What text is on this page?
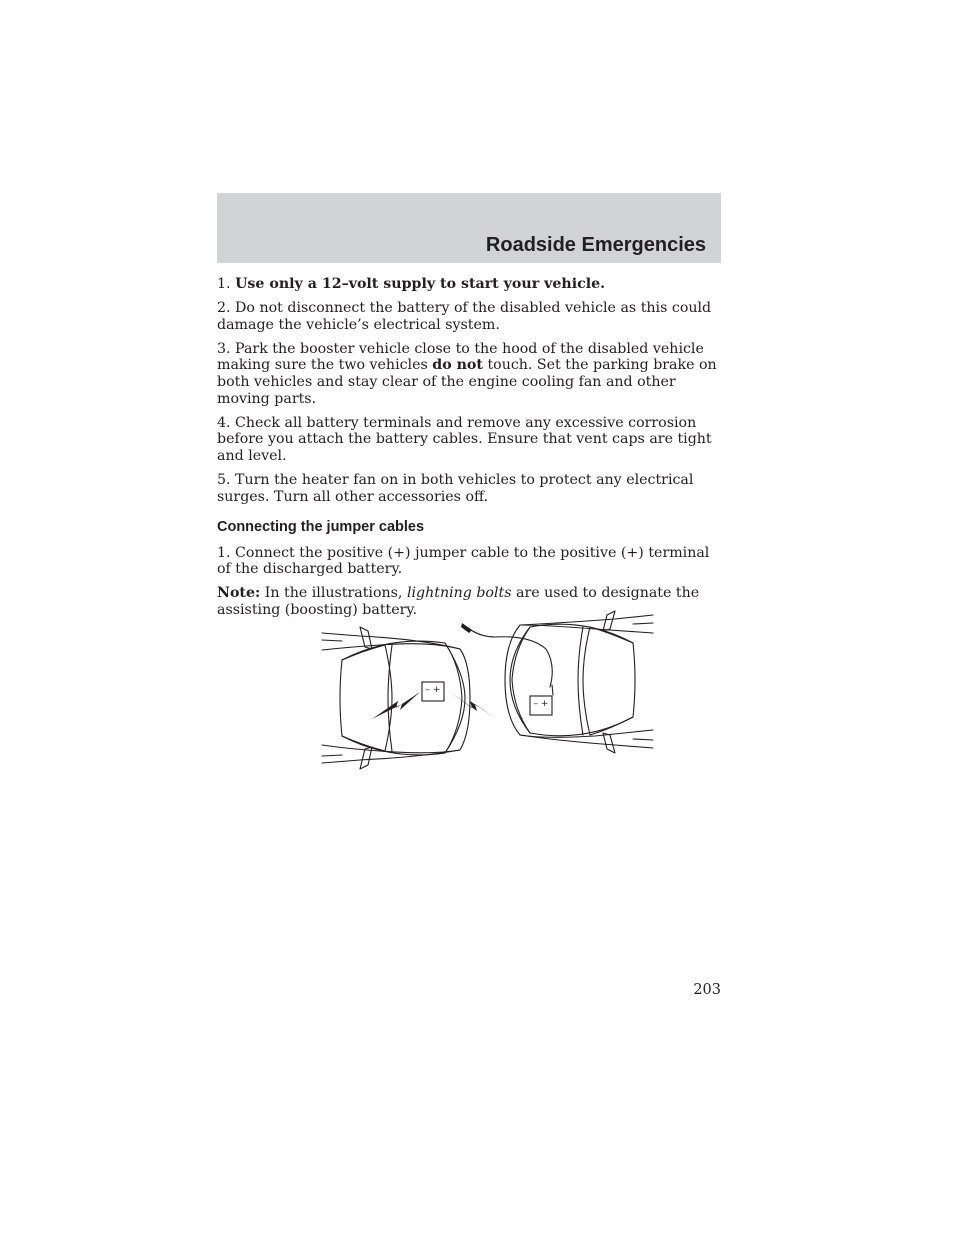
Roadside Emergencies

1. Use only a 12–volt supply to start your vehicle.

2. Do not disconnect the battery of the disabled vehicle as this could damage the vehicle’s electrical system.

3. Park the booster vehicle close to the hood of the disabled vehicle making sure the two vehicles do not touch. Set the parking brake on both vehicles and stay clear of the engine cooling fan and other moving parts.

4. Check all battery terminals and remove any excessive corrosion before you attach the battery cables. Ensure that vent caps are tight and level.

5. Turn the heater fan on in both vehicles to protect any electrical surges. Turn all other accessories off.

Connecting the jumper cables

1. Connect the positive (+) jumper cable to the positive (+) terminal of the discharged battery.

Note: In the illustrations, lightning bolts are used to designate the assisting (boosting) battery.

– +
– +
203
